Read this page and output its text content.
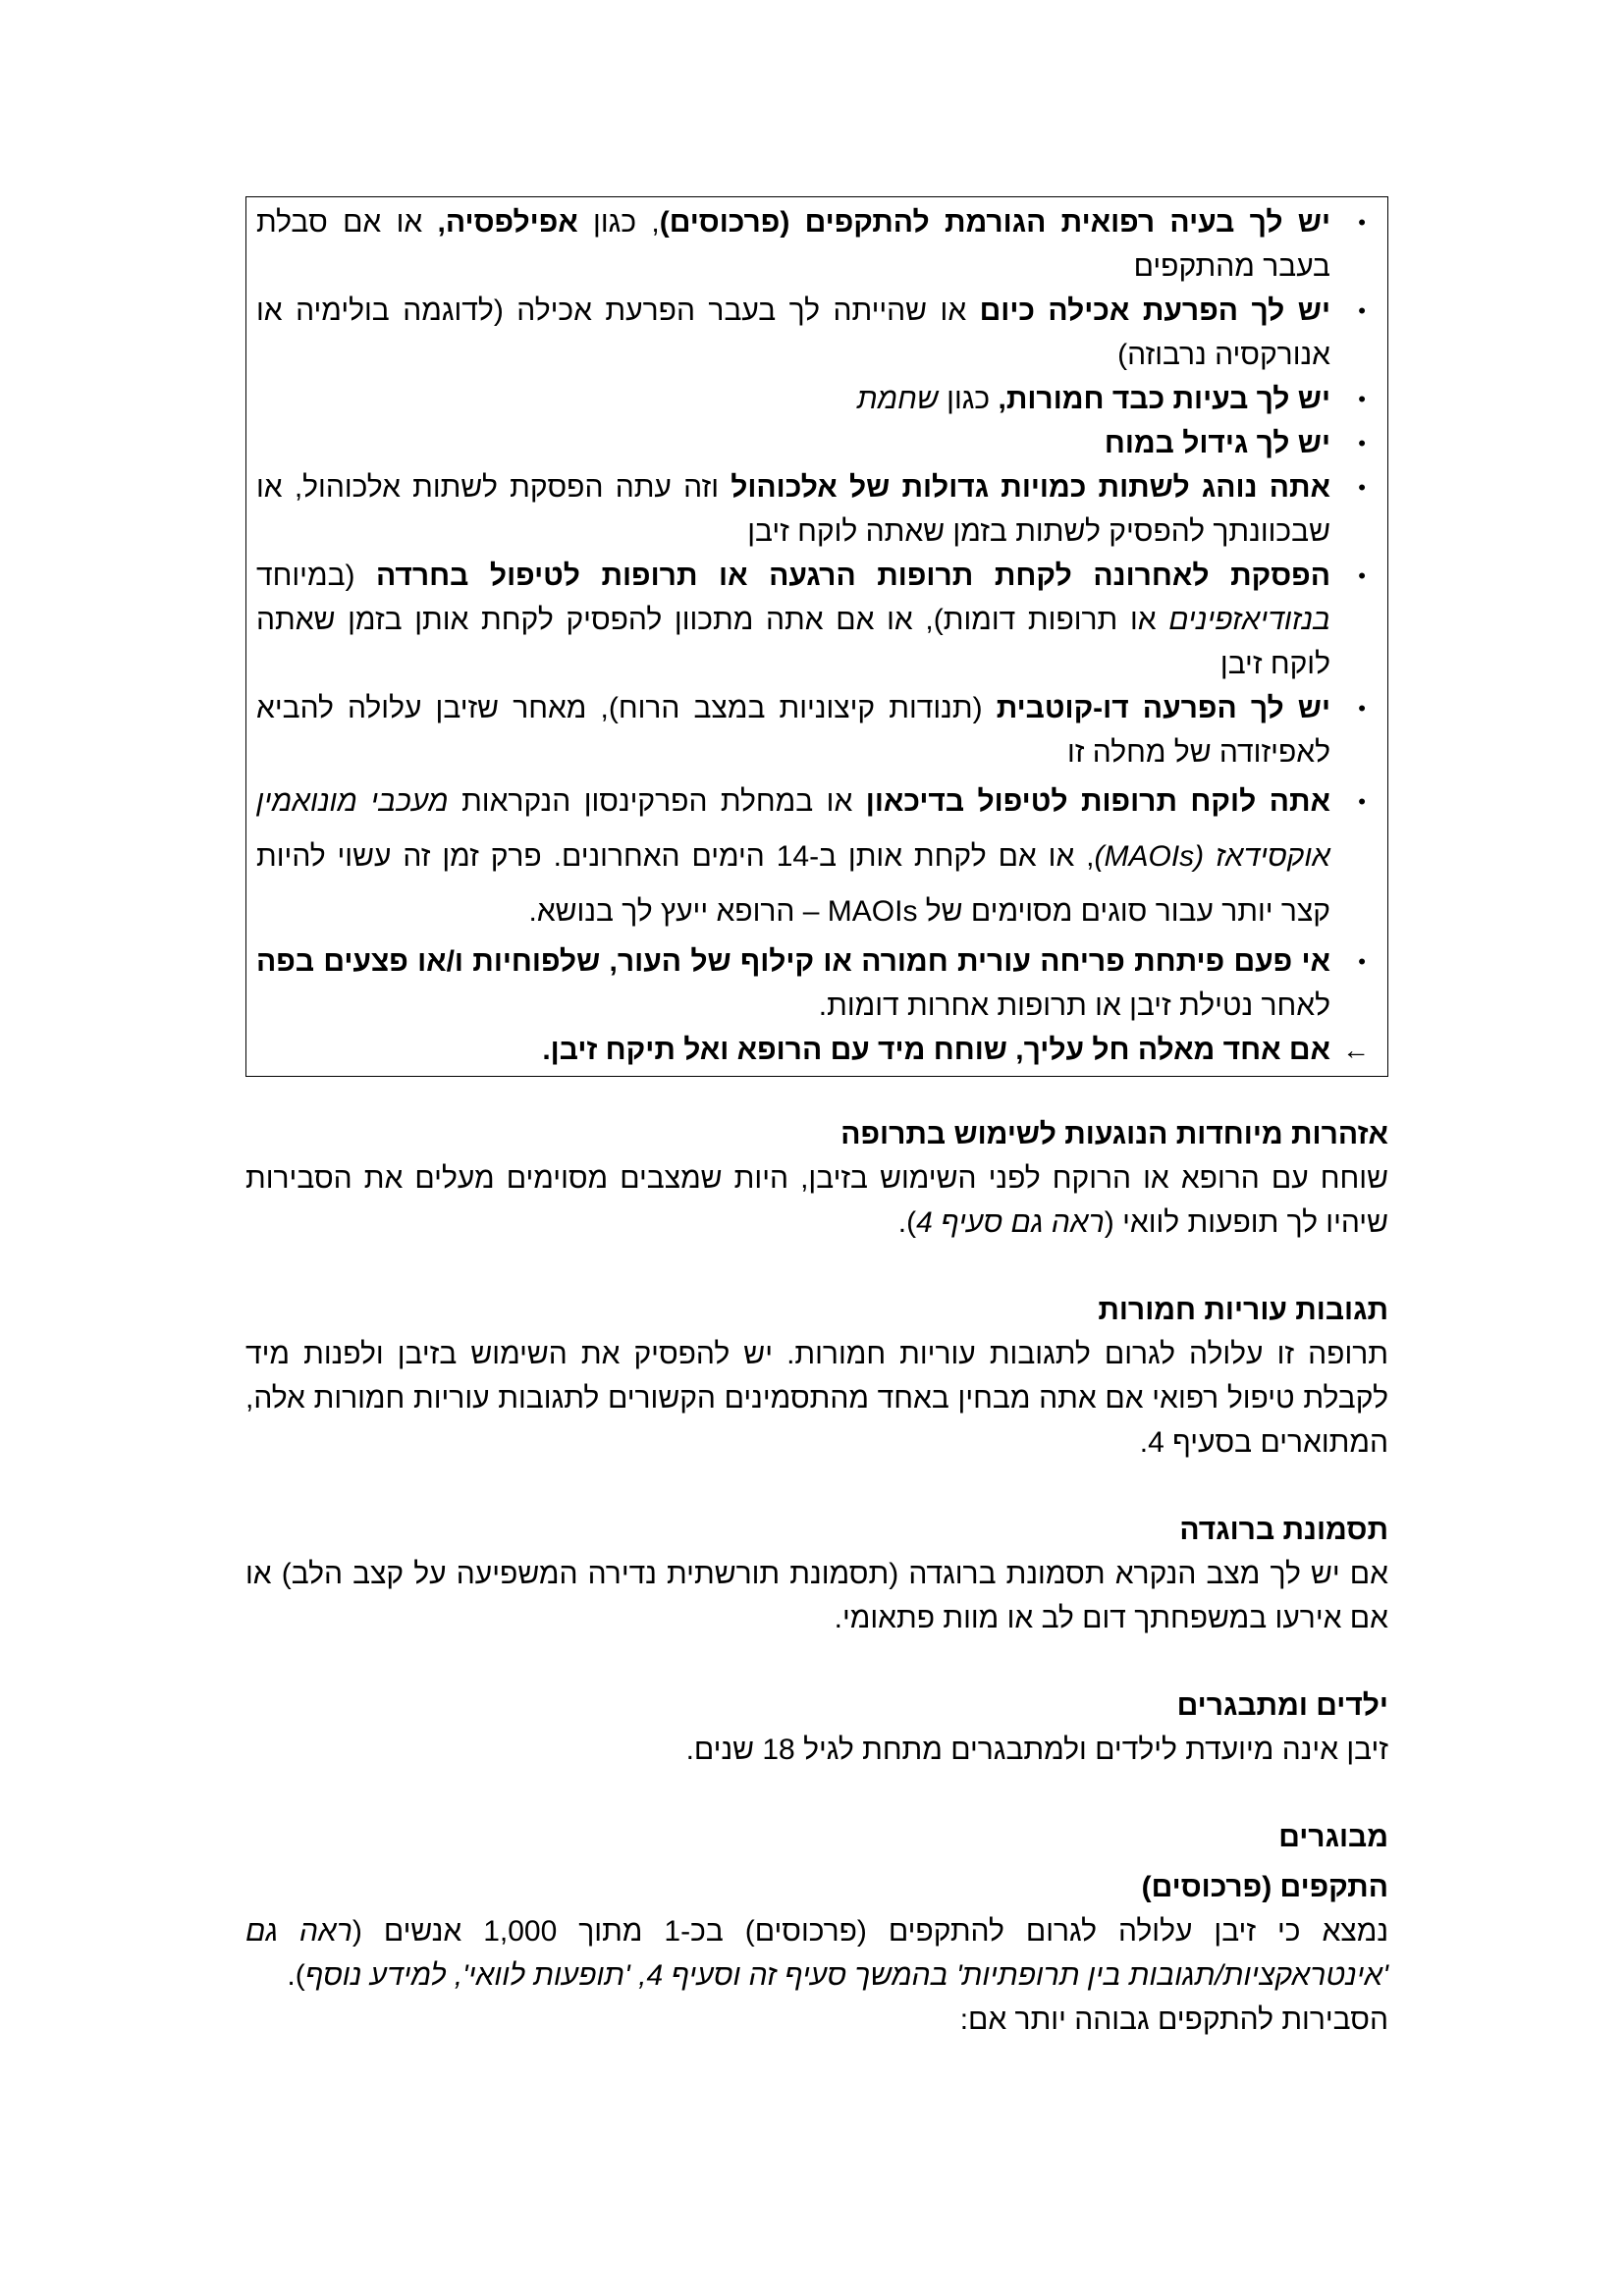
• יש לך בעיה רפואית הגורמת להתקפים (פרכוסים), כגון אפילפסיה, או אם סבלת בעבר מהתקפים
• יש לך הפרעת אכילה כיום או שהייתה לך בעבר הפרעת אכילה (לדוגמה בולימיה או אנורקסיה נרבוזה)
• יש לך בעיות כבד חמורות, כגון שחמת
• יש לך גידול במוח
• אתה נוהג לשתות כמויות גדולות של אלכוהול וזה עתה הפסקת לשתות אלכוהול, או שבכוונתך להפסיק לשתות בזמן שאתה לוקח זיבן
• הפסקת לאחרונה לקחת תרופות הרגעה או תרופות לטיפול בחרדה (במיוחד בנזודיאזפינים או תרופות דומות), או אם אתה מתכוון להפסיק לקחת אותן בזמן שאתה לוקח זיבן
• יש לך הפרעה דו-קוטבית (תנודות קיצוניות במצב הרוח), מאחר שזיבן עלולה להביא לאפיזודה של מחלה זו
• אתה לוקח תרופות לטיפול בדיכאון או במחלת הפרקינסון הנקראות מעכבי מונואמין אוקסידאז (MAOIs), או אם לקחת אותן ב-14 הימים האחרונים. פרק זמן זה עשוי להיות קצר יותר עבור סוגים מסוימים של MAOIs – הרופא ייעץ לך בנושא.
• אי פעם פיתחת פריחה עורית חמורה או קילוף של העור, שלפוחיות ו/או פצעים בפה לאחר נטילת זיבן או תרופות אחרות דומות.
← אם אחד מאלה חל עליך, שוחח מיד עם הרופא ואל תיקח זיבן.
אזהרות מיוחדות הנוגעות לשימוש בתרופה

שוחח עם הרופא או הרוקח לפני השימוש בזיבן, היות שמצבים מסוימים מעלים את הסבירות שיהיו לך תופעות לוואי (ראה גם סעיף 4).

תגובות עוריות חמורות

תרופה זו עלולה לגרום לתגובות עוריות חמורות. יש להפסיק את השימוש בזיבן ולפנות מיד לקבלת טיפול רפואי אם אתה מבחין באחד מהתסמינים הקשורים לתגובות עוריות חמורות אלה, המתוארים בסעיף 4.

תסמונת ברוגדה

אם יש לך מצב הנקרא תסמונת ברוגדה (תסמונת תורשתית נדירה המשפיעה על קצב הלב) או אם אירעו במשפחתך דום לב או מוות פתאומי.

ילדים ומתבגרים

זיבן אינה מיועדת לילדים ולמתבגרים מתחת לגיל 18 שנים.

מבוגרים
התקפים (פרכוסים)

נמצא כי זיבן עלולה לגרום להתקפים (פרכוסים) בכ-1 מתוך 1,000 אנשים (ראה גם 'אינטראקציות/תגובות בין תרופתיות' בהמשך סעיף זה וסעיף 4, 'תופעות לוואי', למידע נוסף).

הסבירות להתקפים גבוהה יותר אם:
